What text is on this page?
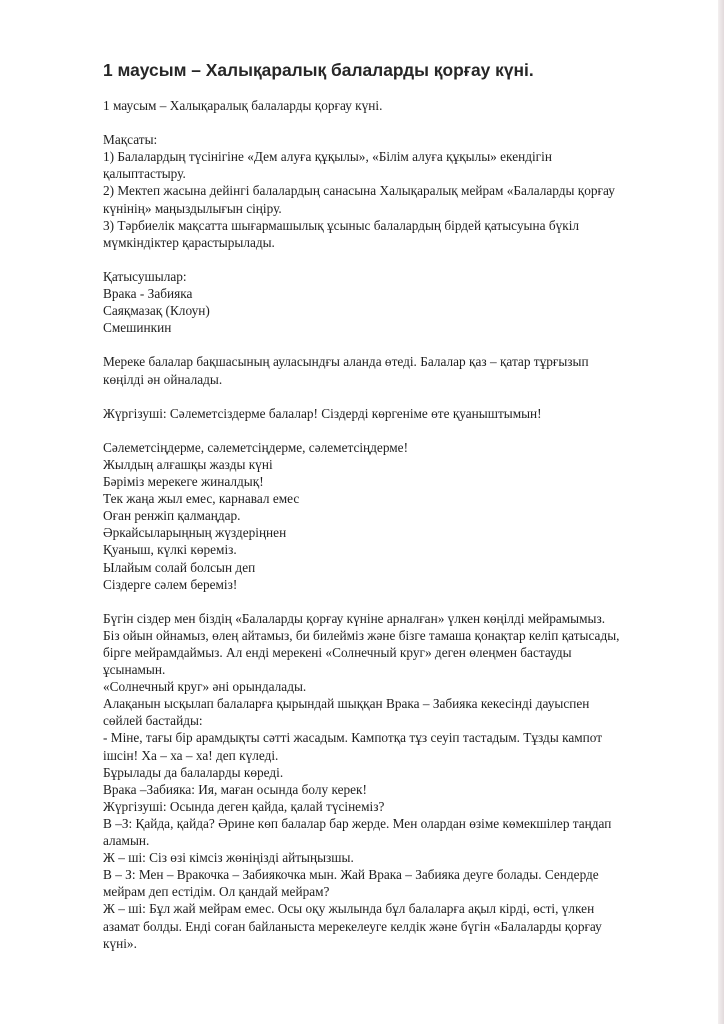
1 маусым – Халықаралық балаларды қорғау күні.
1 маусым – Халықаралық балаларды қорғау күні.
Мақсаты:
1) Балалардың түсінігіне «Дем алуға құқылы», «Білім алуға құқылы» екендігін
қалыптастыру.
2) Мектеп жасына дейінгі балалардың санасына Халықаралық мейрам «Балаларды қорғау
күнінің» маңыздылығын сіңіру.
3) Тәрбиелік мақсатта шығармашылық ұсыныс балалардың бірдей қатысуына бүкіл
мүмкіндіктер қарастырылады.
Қатысушылар:
Врака - Забияка
Саяқмазақ (Клоун)
Смешинкин
Мереке балалар бақшасының ауласындғы аланда өтеді. Балалар қаз – қатар тұрғызып
көңілді ән ойналады.
Жүргізуші: Сәлеметсіздерме балалар! Сіздерді көргеніме өте қуаныштымын!
Сәлеметсіңдерме, сәлеметсіңдерме, сәлеметсіңдерме!
Жылдың алғашқы жазды күні
Бәріміз мерекеге жиналдық!
Тек жаңа жыл емес, карнавал емес
Оған ренжіп қалмаңдар.
Әркайсыларыңның жүздеріңнен
Қуаныш, күлкі көреміз.
Ылайым солай болсын деп
Сіздерге сәлем береміз!
Бүгін сіздер мен біздің «Балаларды қорғау күніне арналған» үлкен көңілді мейрамымыз.
Біз ойын ойнамыз, өлең айтамыз, би билейміз және бізге тамаша қонақтар келіп қатысады,
бірге мейрамдаймыз. Ал енді мерекені «Солнечный круг» деген өлеңмен бастауды
ұсынамын.
«Солнечный круг» әні орындалады.
Алақанын ысқылап балаларға қырындай шыққан Врака – Забияка кекесінді дауыспен
сөйлей бастайды:
- Міне, тағы бір арамдықты сәтті жасадым. Кампотқа тұз сеуіп тастадым. Тұзды кампот
ішсін! Ха – ха – ха! деп күледі.
Бұрылады да балаларды көреді.
Врака –Забияка: Ия, маған осында болу керек!
Жүргізуші: Осында деген қайда, қалай түсінеміз?
В –З: Қайда, қайда? Әрине көп балалар бар жерде. Мен олардан өзіме көмекшілер таңдап
аламын.
Ж – ші: Сіз өзі кімсіз жөніңізді айтыңызшы.
В – З: Мен – Вракочка – Забиякочка мын. Жай Врака – Забияка деуге болады. Сендерде
мейрам деп естідім. Ол қандай мейрам?
Ж – ші: Бұл жай мейрам емес. Осы оқу жылында бұл балаларға ақыл кірді, өсті, үлкен
азамат болды. Енді соған байланыста мерекелеуге келдік және бүгін «Балаларды қорғау
күні».
